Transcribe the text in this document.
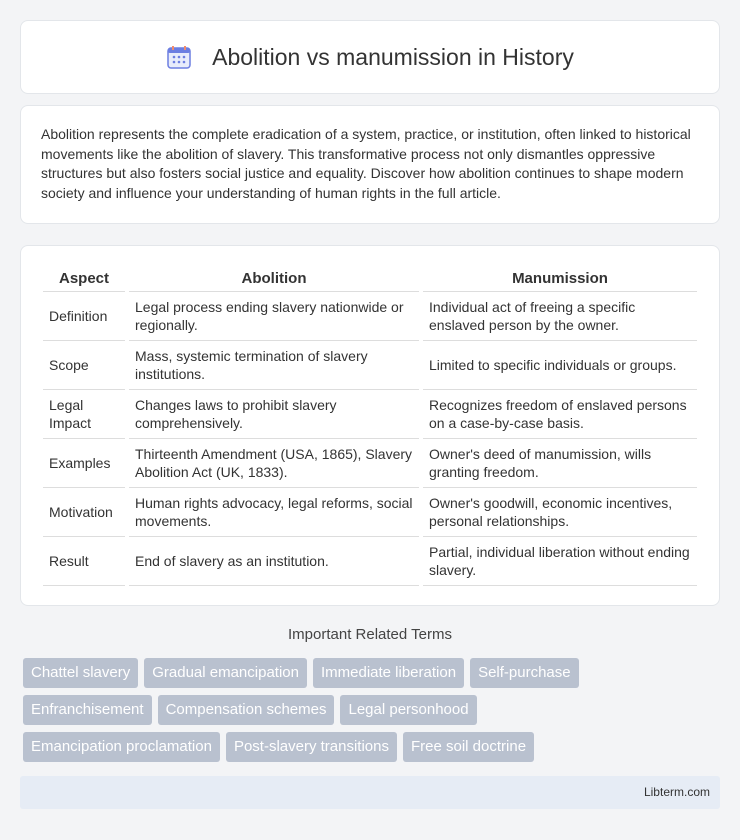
Abolition vs manumission in History

Abolition represents the complete eradication of a system, practice, or institution, often linked to historical movements like the abolition of slavery. This transformative process not only dismantles oppressive structures but also fosters social justice and equality. Discover how abolition continues to shape modern society and influence your understanding of human rights in the full article.

Aspect	Abolition	Manumission
Definition	Legal process ending slavery nationwide or regionally.	Individual act of freeing a specific enslaved person by the owner.
Scope	Mass, systemic termination of slavery institutions.	Limited to specific individuals or groups.
Legal Impact	Changes laws to prohibit slavery comprehensively.	Recognizes freedom of enslaved persons on a case-by-case basis.
Examples	Thirteenth Amendment (USA, 1865), Slavery Abolition Act (UK, 1833).	Owner's deed of manumission, wills granting freedom.
Motivation	Human rights advocacy, legal reforms, social movements.	Owner's goodwill, economic incentives, personal relationships.
Result	End of slavery as an institution.	Partial, individual liberation without ending slavery.
Important Related Terms
Chattel slavery	Gradual emancipation	Immediate liberation	Self-purchase
Enfranchisement	Compensation schemes	Legal personhood
Emancipation proclamation	Post-slavery transitions	Free soil doctrine
Libterm.com
